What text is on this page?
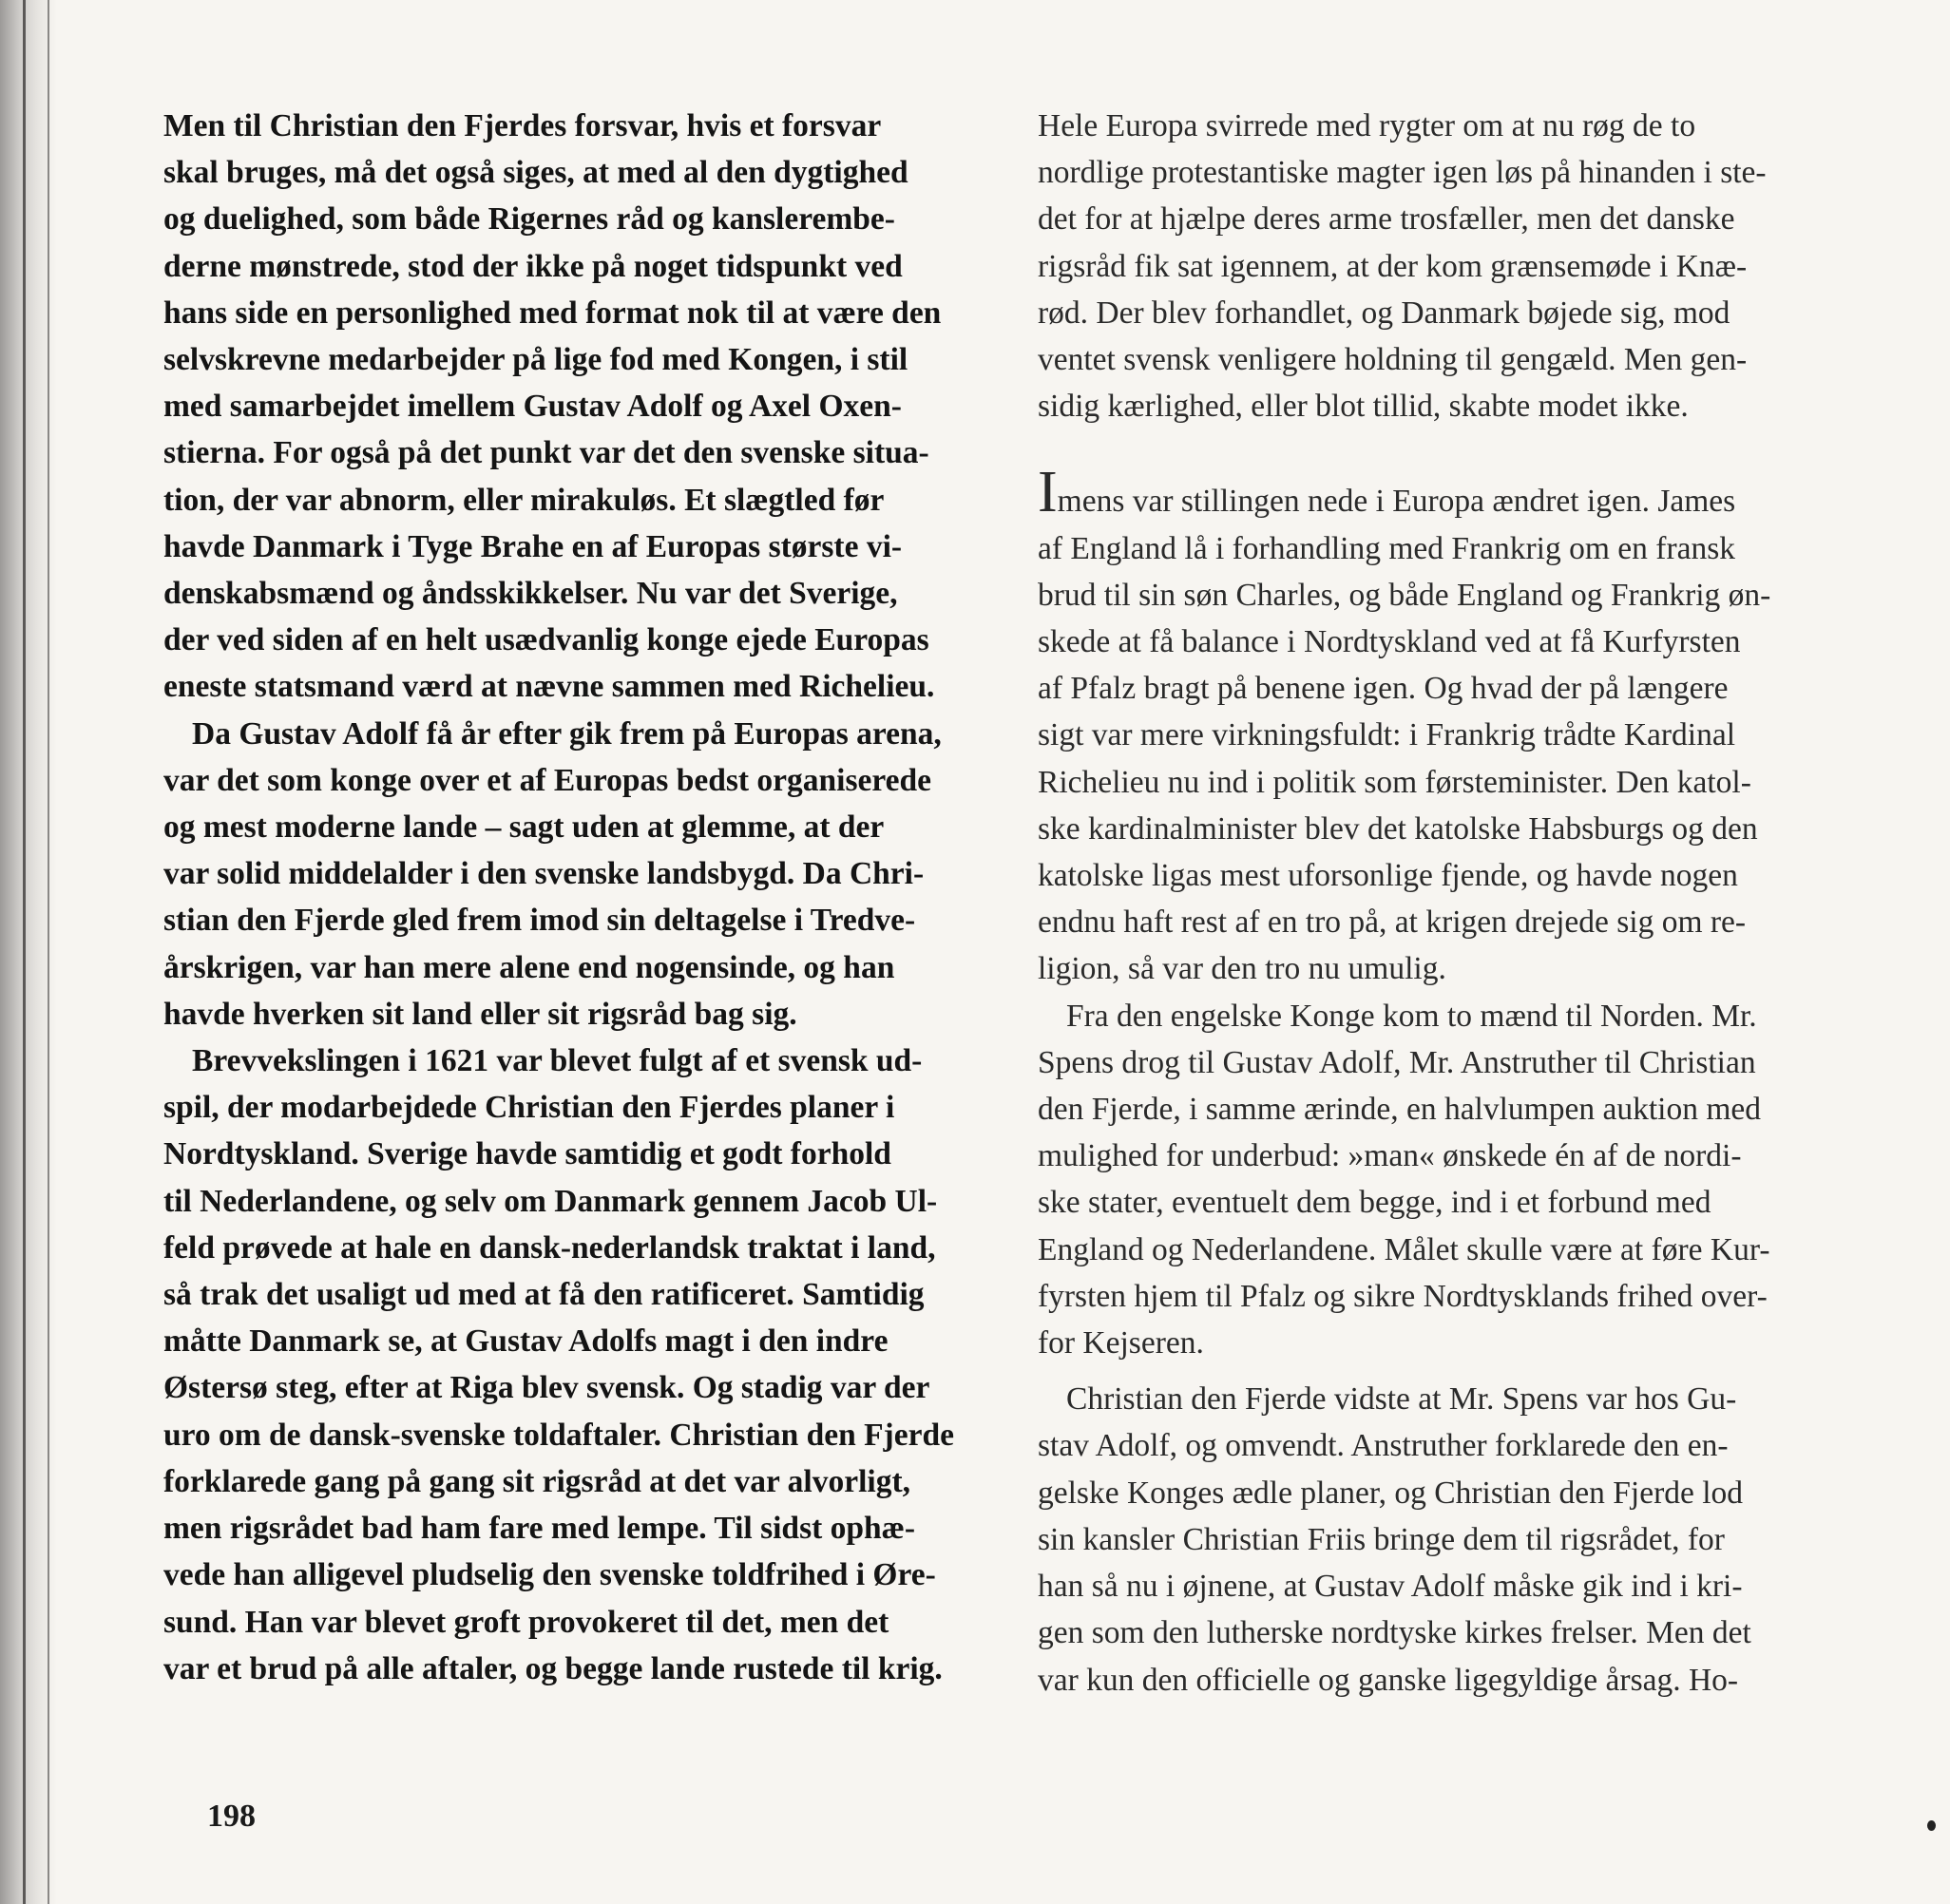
Men til Christian den Fjerdes forsvar, hvis et forsvar
skal bruges, må det også siges, at med al den dygtighed
og duelighed, som både Rigernes råd og kanslerembe-
derne mønstrede, stod der ikke på noget tidspunkt ved
hans side en personlighed med format nok til at være den
selvskrevne medarbejder på lige fod med Kongen, i stil
med samarbejdet imellem Gustav Adolf og Axel Oxen-
stierna. For også på det punkt var det den svenske situa-
tion, der var abnorm, eller mirakuløs. Et slægtled før
havde Danmark i Tyge Brahe en af Europas største vi-
denskabsmænd og åndsskikkelser. Nu var det Sverige,
der ved siden af en helt usædvanlig konge ejede Europas
eneste statsmand værd at nævne sammen med Richelieu.

Da Gustav Adolf få år efter gik frem på Europas arena,
var det som konge over et af Europas bedst organiserede
og mest moderne lande – sagt uden at glemme, at der
var solid middelalder i den svenske landsbygd. Da Chri-
stian den Fjerde gled frem imod sin deltagelse i Tredve-
årskrigen, var han mere alene end nogensinde, og han
havde hverken sit land eller sit rigsråd bag sig.

Brevvekslingen i 1621 var blevet fulgt af et svensk ud-
spil, der modarbejdede Christian den Fjerdes planer i
Nordtyskland. Sverige havde samtidig et godt forhold
til Nederlandene, og selv om Danmark gennem Jacob Ul-
feld prøvede at hale en dansk-nederlandsk traktat i land,
så trak det usaligt ud med at få den ratificeret. Samtidig
måtte Danmark se, at Gustav Adolfs magt i den indre
Østersø steg, efter at Riga blev svensk. Og stadig var der
uro om de dansk-svenske toldaftaler. Christian den Fjerde
forklarede gang på gang sit rigsråd at det var alvorligt,
men rigsrådet bad ham fare med lempe. Til sidst ophæ-
vede han alligevel pludselig den svenske toldfrihed i Øre-
sund. Han var blevet groft provokeret til det, men det
var et brud på alle aftaler, og begge lande rustede til krig.

Hele Europa svirrede med rygter om at nu røg de to
nordlige protestantiske magter igen løs på hinanden i ste-
det for at hjælpe deres arme trosfæller, men det danske
rigsråd fik sat igennem, at der kom grænsemøde i Knæ-
rød. Der blev forhandlet, og Danmark bøjede sig, mod
ventet svensk venligere holdning til gengæld. Men gen-
sidig kærlighed, eller blot tillid, skabte modet ikke.

Imens var stillingen nede i Europa ændret igen. James

af England lå i forhandling med Frankrig om en fransk
brud til sin søn Charles, og både England og Frankrig øn-
skede at få balance i Nordtyskland ved at få Kurfyrsten
af Pfalz bragt på benene igen. Og hvad der på længere
sigt var mere virkningsfuldt: i Frankrig trådte Kardinal
Richelieu nu ind i politik som førsteminister. Den katol-
ske kardinalminister blev det katolske Habsburgs og den
katolske ligas mest uforsonlige fjende, og havde nogen
endnu haft rest af en tro på, at krigen drejede sig om re-
ligion, så var den tro nu umulig.

Fra den engelske Konge kom to mænd til Norden. Mr.
Spens drog til Gustav Adolf, Mr. Anstruther til Christian
den Fjerde, i samme ærinde, en halvlumpen auktion med
mulighed for underbud: »man« ønskede én af de nordi-
ske stater, eventuelt dem begge, ind i et forbund med
England og Nederlandene. Målet skulle være at føre Kur-
fyrsten hjem til Pfalz og sikre Nordtysklands frihed over-
for Kejseren.

Christian den Fjerde vidste at Mr. Spens var hos Gu-
stav Adolf, og omvendt. Anstruther forklarede den en-
gelske Konges ædle planer, og Christian den Fjerde lod
sin kansler Christian Friis bringe dem til rigsrådet, for
han så nu i øjnene, at Gustav Adolf måske gik ind i kri-
gen som den lutherske nordtyske kirkes frelser. Men det
var kun den officielle og ganske ligegyldige årsag. Ho-

198
